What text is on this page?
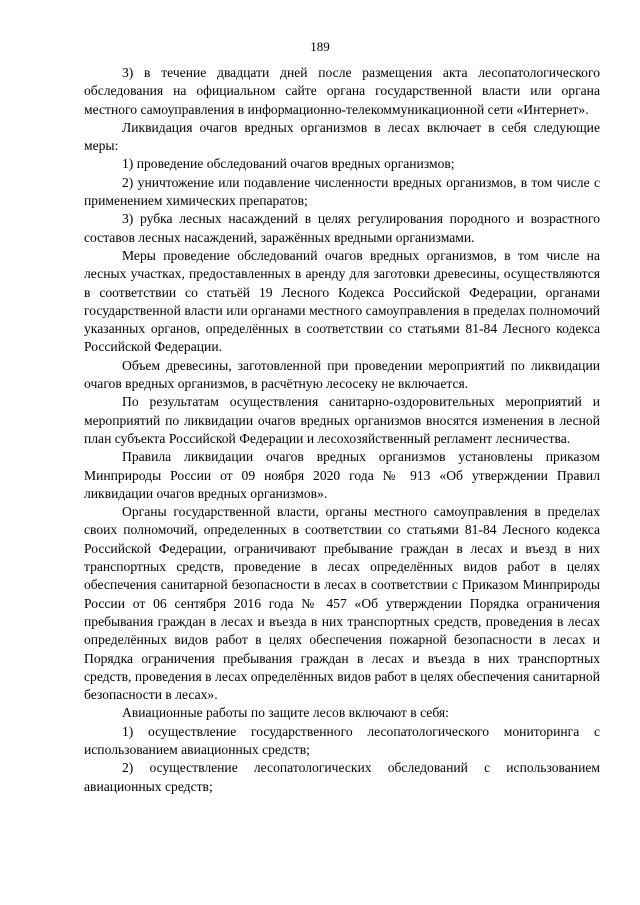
189

3) в течение двадцати дней после размещения акта лесопатологического обследования на официальном сайте органа государственной власти или органа местного самоуправления в информационно-телекоммуникационной сети «Интернет».

Ликвидация очагов вредных организмов в лесах включает в себя следующие меры:

1) проведение обследований очагов вредных организмов;

2) уничтожение или подавление численности вредных организмов, в том числе с применением химических препаратов;

3) рубка лесных насаждений в целях регулирования породного и возрастного составов лесных насаждений, заражённых вредными организмами.

Меры проведение обследований очагов вредных организмов, в том числе на лесных участках, предоставленных в аренду для заготовки древесины, осуществляются в соответствии со статьёй 19 Лесного Кодекса Российской Федерации, органами государственной власти или органами местного самоуправления в пределах полномочий указанных органов, определённых в соответствии со статьями 81-84 Лесного кодекса Российской Федерации.

Объем древесины, заготовленной при проведении мероприятий по ликвидации очагов вредных организмов, в расчётную лесосеку не включается.

По результатам осуществления санитарно-оздоровительных мероприятий и мероприятий по ликвидации очагов вредных организмов вносятся изменения в лесной план субъекта Российской Федерации и лесохозяйственный регламент лесничества.

Правила ликвидации очагов вредных организмов установлены приказом Минприроды России от 09 ноября 2020 года № 913 «Об утверждении Правил ликвидации очагов вредных организмов».

Органы государственной власти, органы местного самоуправления в пределах своих полномочий, определенных в соответствии со статьями 81-84 Лесного кодекса Российской Федерации, ограничивают пребывание граждан в лесах и въезд в них транспортных средств, проведение в лесах определённых видов работ в целях обеспечения санитарной безопасности в лесах в соответствии с Приказом Минприроды России от 06 сентября 2016 года № 457 «Об утверждении Порядка ограничения пребывания граждан в лесах и въезда в них транспортных средств, проведения в лесах определённых видов работ в целях обеспечения пожарной безопасности в лесах и Порядка ограничения пребывания граждан в лесах и въезда в них транспортных средств, проведения в лесах определённых видов работ в целях обеспечения санитарной безопасности в лесах».

Авиационные работы по защите лесов включают в себя:

1) осуществление государственного лесопатологического мониторинга с использованием авиационных средств;

2) осуществление лесопатологических обследований с использованием авиационных средств;
